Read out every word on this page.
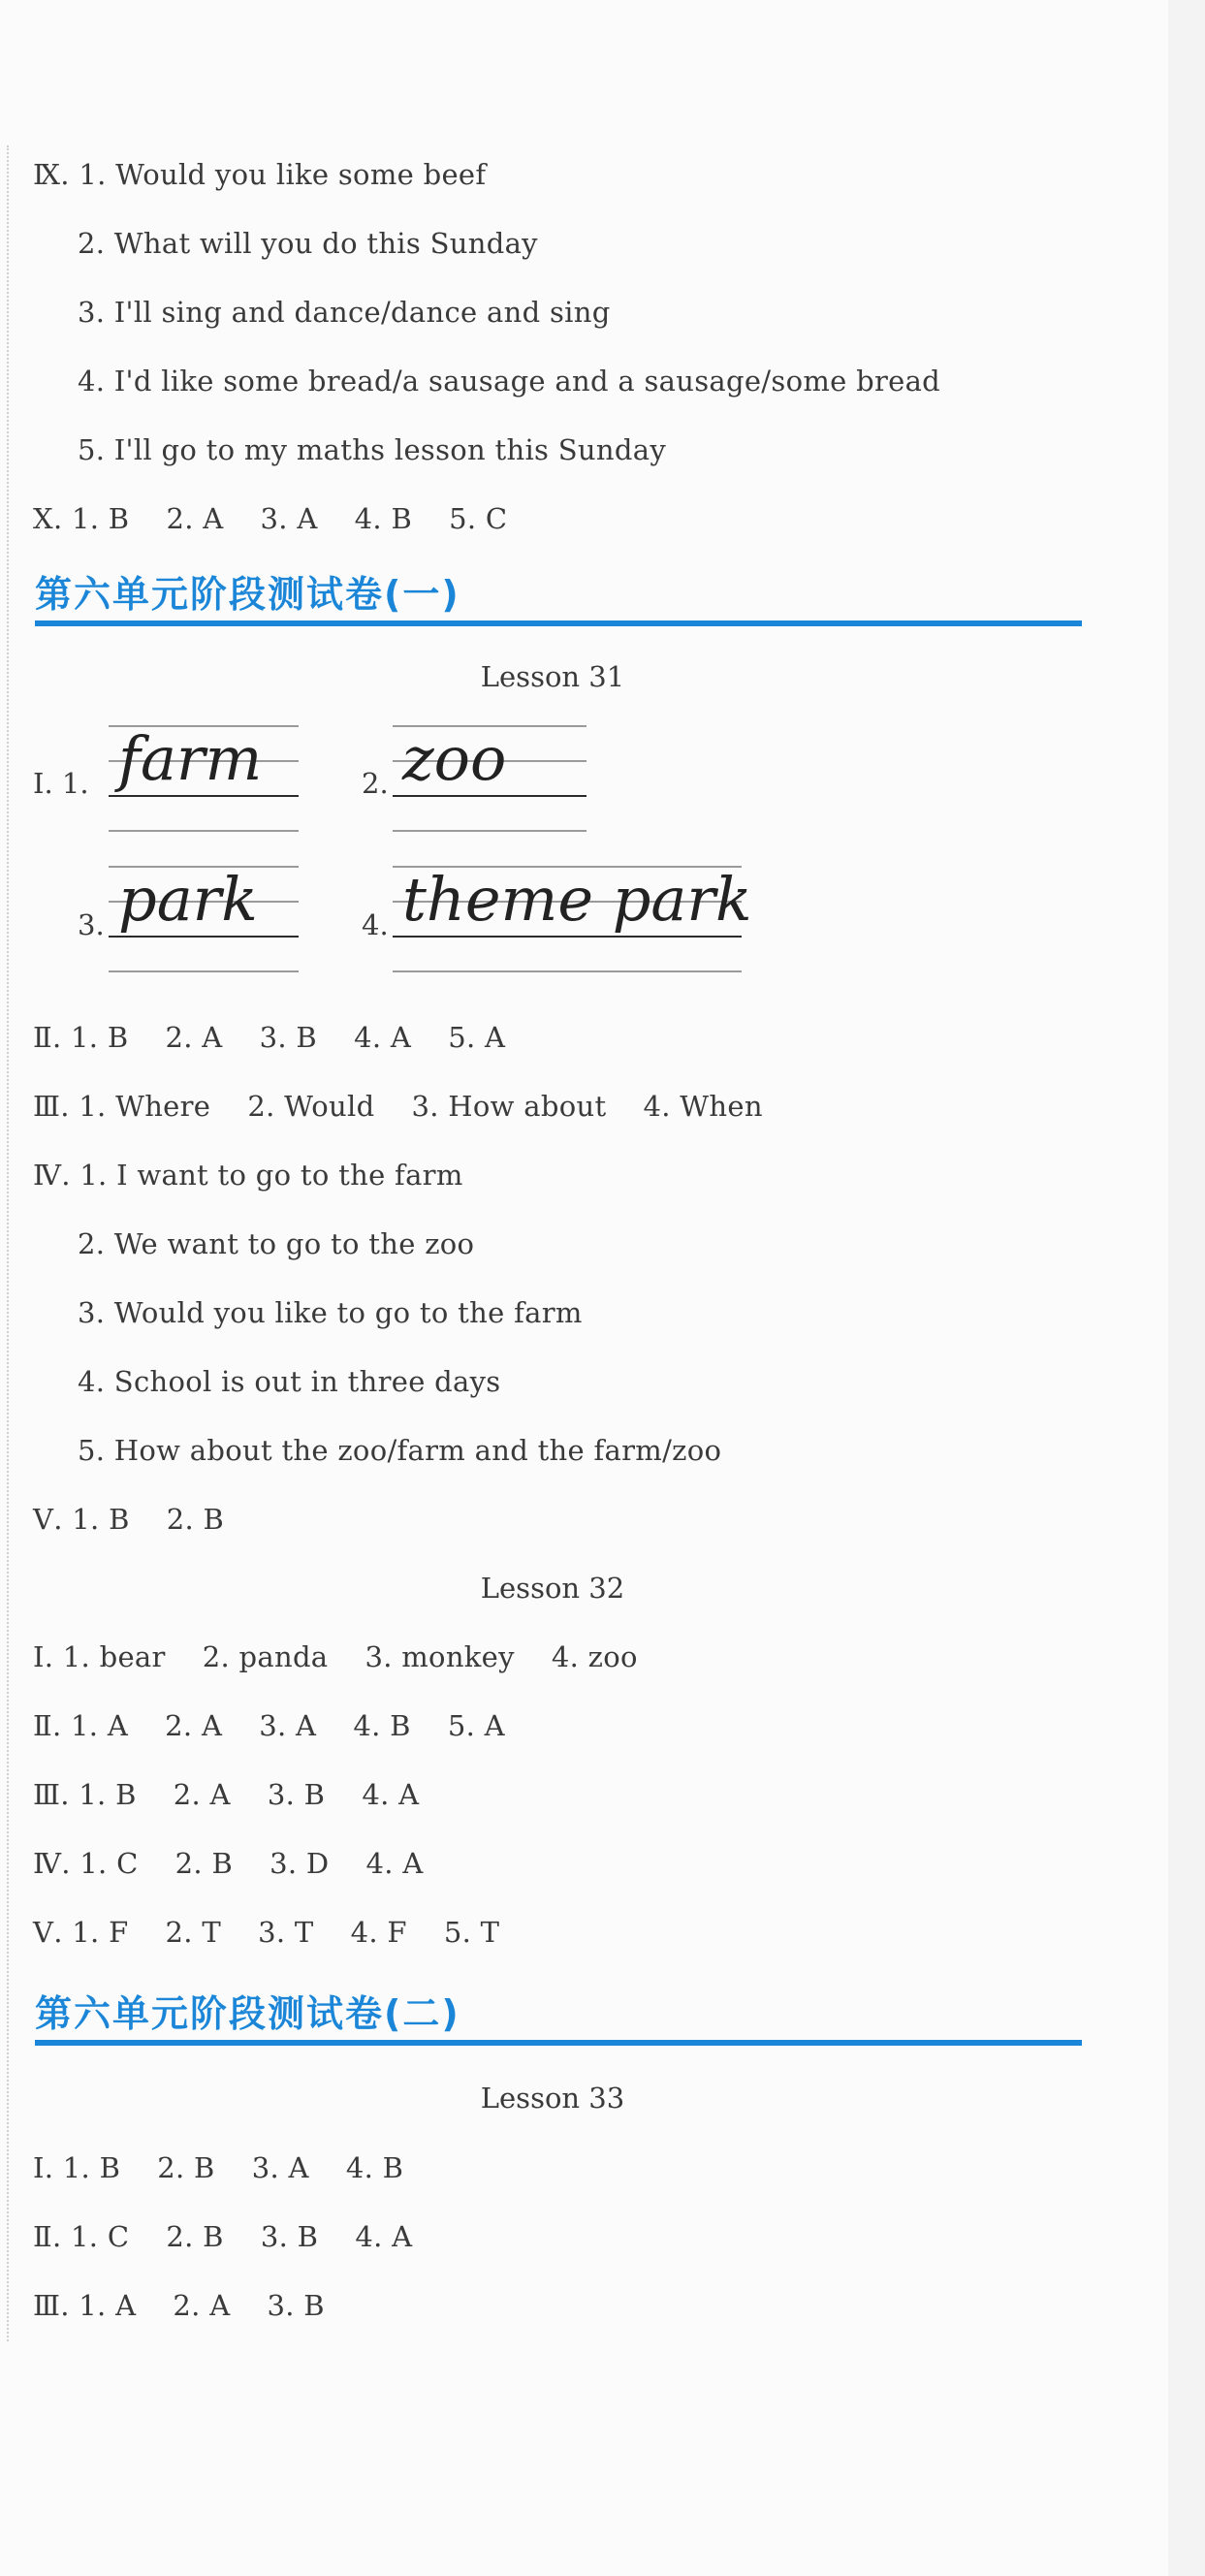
Ⅸ. 1. Would you like some beef
2. What will you do this Sunday
3. I'll sing and dance/dance and sing
4. I'd like some bread/a sausage and a sausage/some bread
5. I'll go to my maths lesson this Sunday
Ⅹ. 1. B    2. A    3. A    4. B    5. C
第六单元阶段测试卷(一)
Lesson 31
Ⅰ. 1. farm	2. zoo
3. park	4. theme park
Ⅱ. 1. B    2. A    3. B    4. A    5. A
Ⅲ. 1. Where    2. Would    3. How about    4. When
Ⅳ. 1. I want to go to the farm
2. We want to go to the zoo
3. Would you like to go to the farm
4. School is out in three days
5. How about the zoo/farm and the farm/zoo
Ⅴ. 1. B    2. B
Lesson 32
Ⅰ. 1. bear    2. panda    3. monkey    4. zoo
Ⅱ. 1. A    2. A    3. A    4. B    5. A
Ⅲ. 1. B    2. A    3. B    4. A
Ⅳ. 1. C    2. B    3. D    4. A
Ⅴ. 1. F    2. T    3. T    4. F    5. T
第六单元阶段测试卷(二)
Lesson 33
Ⅰ. 1. B    2. B    3. A    4. B
Ⅱ. 1. C    2. B    3. B    4. A
Ⅲ. 1. A    2. A    3. B
